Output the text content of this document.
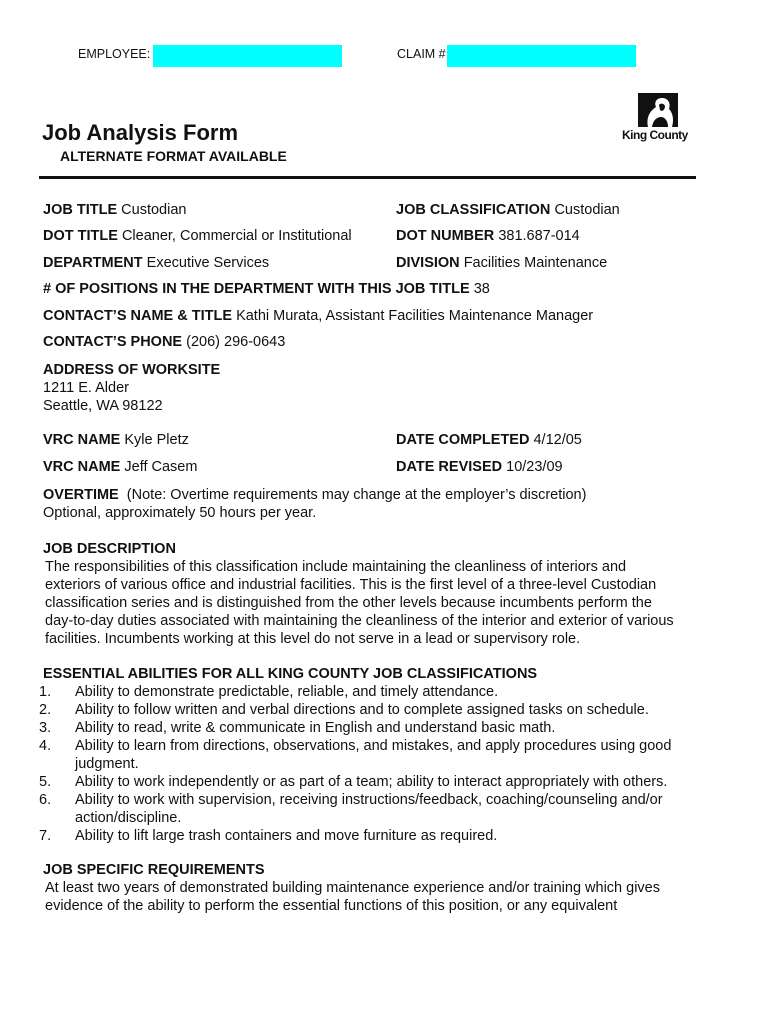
EMPLOYEE:	CLAIM #
King County
Job Analysis Form
ALTERNATE FORMAT AVAILABLE
JOB TITLE Custodian	JOB CLASSIFICATION Custodian
DOT TITLE Cleaner, Commercial or Institutional	DOT NUMBER 381.687-014
DEPARTMENT Executive Services	DIVISION Facilities Maintenance
# OF POSITIONS IN THE DEPARTMENT WITH THIS JOB TITLE 38
CONTACT’S NAME & TITLE Kathi Murata, Assistant Facilities Maintenance Manager
CONTACT’S PHONE (206) 296-0643
ADDRESS OF WORKSITE
1211 E. Alder
Seattle, WA 98122
VRC NAME Kyle Pletz	DATE COMPLETED 4/12/05
VRC NAME Jeff Casem	DATE REVISED 10/23/09
OVERTIME (Note: Overtime requirements may change at the employer’s discretion)
Optional, approximately 50 hours per year.
JOB DESCRIPTION
The responsibilities of this classification include maintaining the cleanliness of interiors and
exteriors of various office and industrial facilities. This is the first level of a three-level Custodian
classification series and is distinguished from the other levels because incumbents perform the
day-to-day duties associated with maintaining the cleanliness of the interior and exterior of various
facilities. Incumbents working at this level do not serve in a lead or supervisory role.
ESSENTIAL ABILITIES FOR ALL KING COUNTY JOB CLASSIFICATIONS
1.	Ability to demonstrate predictable, reliable, and timely attendance.
2.	Ability to follow written and verbal directions and to complete assigned tasks on schedule.
3.	Ability to read, write & communicate in English and understand basic math.
4.	Ability to learn from directions, observations, and mistakes, and apply procedures using good
judgment.
5.	Ability to work independently or as part of a team; ability to interact appropriately with others.
6.	Ability to work with supervision, receiving instructions/feedback, coaching/counseling and/or
action/discipline.
7.	Ability to lift large trash containers and move furniture as required.
JOB SPECIFIC REQUIREMENTS
At least two years of demonstrated building maintenance experience and/or training which gives
evidence of the ability to perform the essential functions of this position, or any equivalent
